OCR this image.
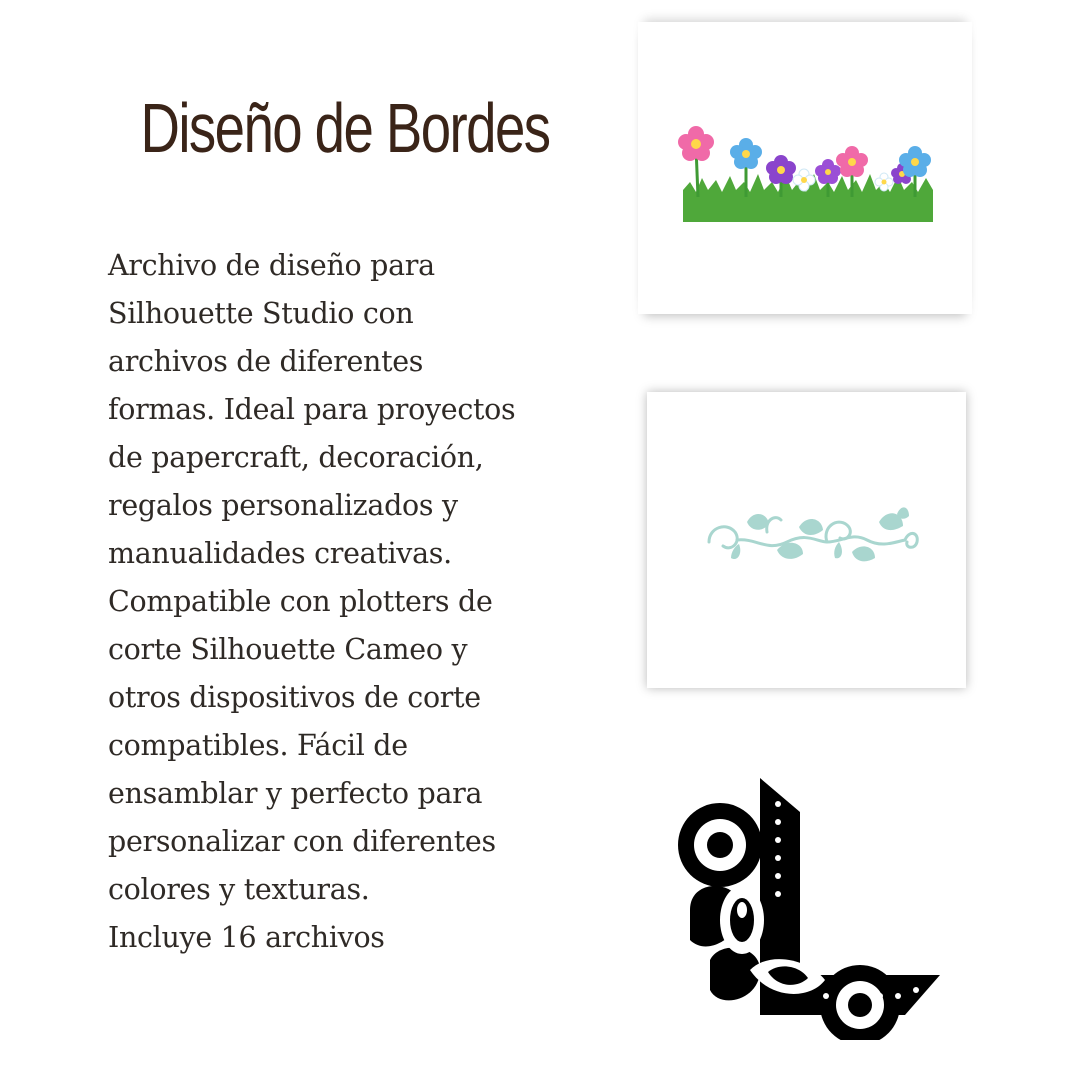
Diseño de Bordes
Archivo de diseño para
Silhouette Studio con
archivos de diferentes
formas. Ideal para proyectos
de papercraft, decoración,
regalos personalizados y
manualidades creativas.
Compatible con plotters de
corte Silhouette Cameo y
otros dispositivos de corte
compatibles. Fácil de
ensamblar y perfecto para
personalizar con diferentes
colores y texturas.
Incluye 16 archivos
